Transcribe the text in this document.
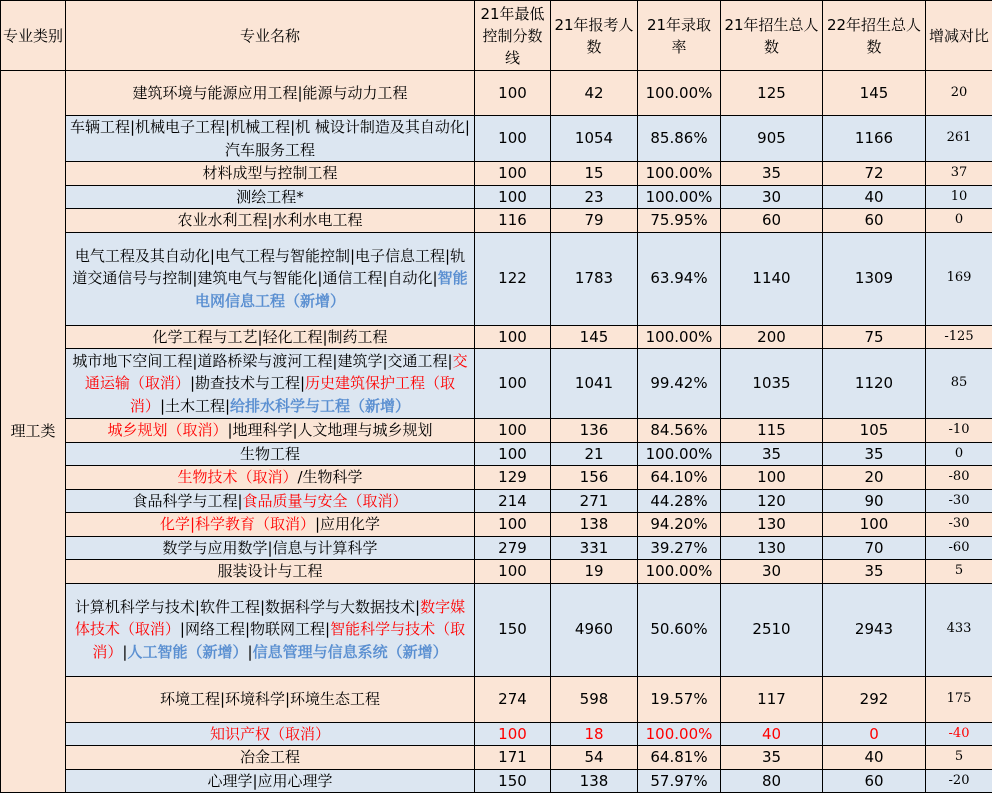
专业类别	专业名称	21年最低控制分数线	21年报考人数	21年录取率	21年招生总人数	22年招生总人数	增减对比
理工类	建筑环境与能源应用工程|能源与动力工程	100	42	100.00%	125	145	20
	车辆工程|机械电子工程|机械工程|机 械设计制造及其自动化|汽车服务工程	100	1054	85.86%	905	1166	261
	材料成型与控制工程	100	15	100.00%	35	72	37
	测绘工程*	100	23	100.00%	30	40	10
	农业水利工程|水利水电工程	116	79	75.95%	60	60	0
	电气工程及其自动化|电气工程与智能控制|电子信息工程|轨道交通信号与控制|建筑电气与智能化|通信工程|自动化|智能电网信息工程（新增）	122	1783	63.94%	1140	1309	169
	化学工程与工艺|轻化工程|制药工程	100	145	100.00%	200	75	-125
	城市地下空间工程|道路桥梁与渡河工程|建筑学|交通工程|交通运输（取消）|勘查技术与工程|历史建筑保护工程（取消）|土木工程|给排水科学与工程（新增）	100	1041	99.42%	1035	1120	85
	城乡规划（取消）|地理科学|人文地理与城乡规划	100	136	84.56%	115	105	-10
	生物工程	100	21	100.00%	35	35	0
	生物技术（取消）/生物科学	129	156	64.10%	100	20	-80
	食品科学与工程|食品质量与安全（取消）	214	271	44.28%	120	90	-30
	化学|科学教育（取消）|应用化学	100	138	94.20%	130	100	-30
	数学与应用数学|信息与计算科学	279	331	39.27%	130	70	-60
	服装设计与工程	100	19	100.00%	30	35	5
	计算机科学与技术|软件工程|数据科学与大数据技术|数字媒体技术（取消）|网络工程|物联网工程|智能科学与技术（取消）|人工智能（新增）|信息管理与信息系统（新增）	150	4960	50.60%	2510	2943	433
	环境工程|环境科学|环境生态工程	274	598	19.57%	117	292	175
	知识产权（取消）	100	18	100.00%	40	0	-40
	冶金工程	171	54	64.81%	35	40	5
	心理学|应用心理学	150	138	57.97%	80	60	-20
